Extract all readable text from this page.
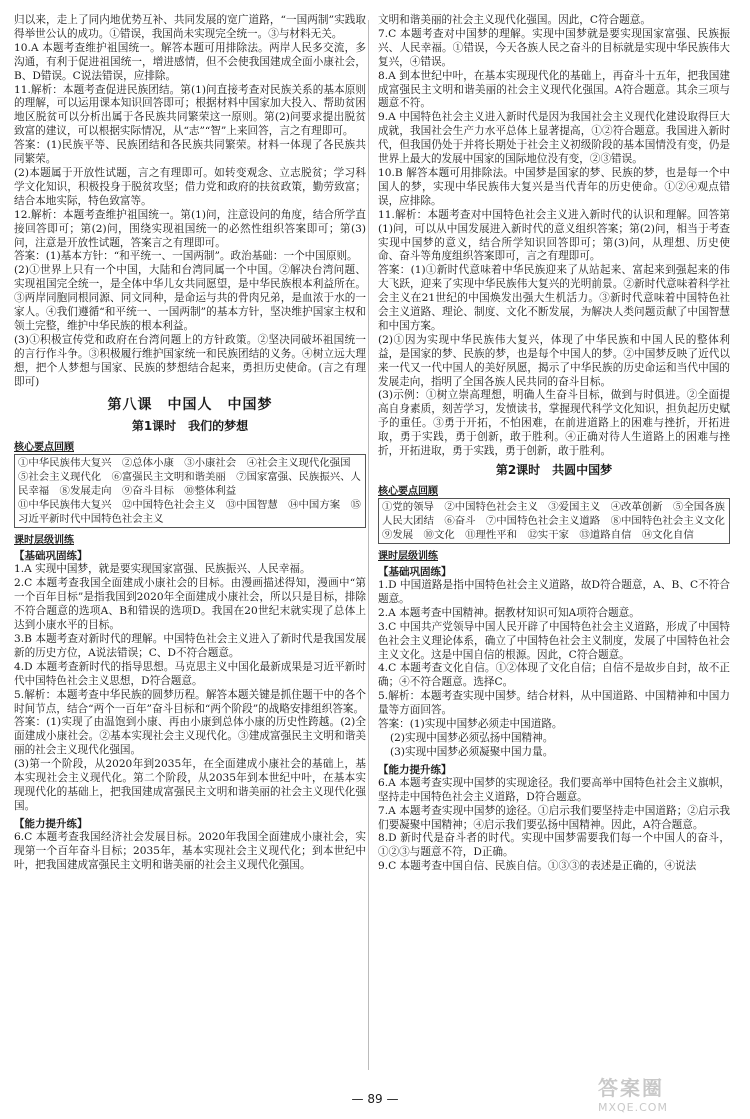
归以来，走上了同内地优势互补、共同发展的宽广道路，“一国两制”实践取得举世公认的成功。①错误，我国尚未实现完全统一。③与材料无关。

10.A 本题考查维护祖国统一。解答本题可用排除法。两岸人民多交流，多沟通，有利于促进祖国统一，增进感情，但不会使我国建成全面小康社会，B、D错误。C说法错误，应排除。

11.解析：本题考查促进民族团结。第(1)问直接考查对民族关系的基本原则的理解，可以运用课本知识回答即可；根据材料中国家加大投入、帮助贫困地区脱贫可以分析出属于各民族共同繁荣这一原则。第(2)问要求提出脱贫致富的建议，可以根据实际情况，从“志”“智”上来回答，言之有理即可。

答案：(1)民族平等、民族团结和各民族共同繁荣。材料一体现了各民族共同繁荣。

(2)本题属于开放性试题，言之有理即可。如转变观念、立志脱贫；学习科学文化知识，积极投身于脱贫攻坚；借力党和政府的扶贫政策，勤劳致富；结合本地实际，特色致富等。

12.解析：本题考查维护祖国统一。第(1)问，注意设问的角度，结合所学直接回答即可；第(2)问，围绕实现祖国统一的必然性组织答案即可；第(3)问，注意是开放性试题，答案言之有理即可。

答案：(1)基本方针：“和平统一、一国两制”。政治基础：一个中国原则。

(2)①世界上只有一个中国，大陆和台湾同属一个中国。②解决台湾问题、实现祖国完全统一，是全体中华儿女共同愿望，是中华民族根本利益所在。③两岸同胞同根同源、同文同种，是命运与共的骨肉兄弟，是血浓于水的一家人。④我们遵循“和平统一、一国两制”的基本方针，坚决维护国家主权和领土完整，维护中华民族的根本利益。

(3)①积极宣传党和政府在台湾问题上的方针政策。②坚决同破坏祖国统一的言行作斗争。③积极履行维护国家统一和民族团结的义务。④树立远大理想，把个人梦想与国家、民族的梦想结合起来，勇担历史使命。(言之有理即可)

第八课　中国人　中国梦
第1课时　我们的梦想
核心要点回顾
①中华民族伟大复兴　②总体小康　③小康社会　④社会主义现代化强国　⑤社会主义现代化　⑥富强民主文明和谐美丽　⑦国家富强、民族振兴、人民幸福　⑧发展走向　⑨奋斗目标　⑩整体利益
⑪中华民族伟大复兴　⑫中国特色社会主义　⑬中国智慧　⑭中国方案　⑮习近平新时代中国特色社会主义
课时层级训练
【基础巩固练】

1.A 实现中国梦，就是要实现国家富强、民族振兴、人民幸福。

2.C 本题考查我国全面建成小康社会的目标。由漫画描述得知，漫画中“第一个百年目标”是指我国到2020年全面建成小康社会，所以只是目标，排除不符合题意的选项A、B和错误的选项D。我国在20世纪末就实现了总体上达到小康水平的目标。

3.B 本题考查对新时代的理解。中国特色社会主义进入了新时代是我国发展新的历史方位，A说法错误；C、D不符合题意。

4.D 本题考查新时代的指导思想。马克思主义中国化最新成果是习近平新时代中国特色社会主义思想，D符合题意。

5.解析：本题考查中华民族的圆梦历程。解答本题关键是抓住题干中的各个时间节点，结合“两个一百年”奋斗目标和“两个阶段”的战略安排组织答案。

答案：(1)实现了由温饱到小康、再由小康到总体小康的历史性跨越。(2)全面建成小康社会。②基本实现社会主义现代化。③建成富强民主文明和谐美丽的社会主义现代化强国。

(3)第一个阶段，从2020年到2035年，在全面建成小康社会的基础上，基本实现社会主义现代化。第二个阶段，从2035年到本世纪中叶，在基本实现现代化的基础上，把我国建成富强民主文明和谐美丽的社会主义现代化强国。

【能力提升练】

6.C 本题考查我国经济社会发展目标。2020年我国全面建成小康社会，实现第一个百年奋斗目标；2035年，基本实现社会主义现代化；到本世纪中叶，把我国建成富强民主文明和谐美丽的社会主义现代化强国。

文明和谐美丽的社会主义现代化强国。因此，C符合题意。

7.C 本题考查对中国梦的理解。实现中国梦就是要实现国家富强、民族振兴、人民幸福。①错误，今天各族人民之奋斗的目标就是实现中华民族伟大复兴，④错误。

8.A 到本世纪中叶，在基本实现现代化的基础上，再奋斗十五年，把我国建成富强民主文明和谐美丽的社会主义现代化强国。A符合题意。其余三项与题意不符。

9.A 中国特色社会主义进入新时代是因为我国社会主义现代化建设取得巨大成就，我国社会生产力水平总体上显著提高，①②符合题意。我国进入新时代，但我国仍处于并将长期处于社会主义初级阶段的基本国情没有变，仍是世界上最大的发展中国家的国际地位没有变，②③错误。

10.B 解答本题可用排除法。中国梦是国家的梦、民族的梦，也是每一个中国人的梦，实现中华民族伟大复兴是当代青年的历史使命。①②④观点错误，应排除。

11.解析：本题考查对中国特色社会主义进入新时代的认识和理解。回答第(1)问，可以从中国发展进入新时代的意义组织答案；第(2)问，相当于考查实现中国梦的意义，结合所学知识回答即可；第(3)问，从理想、历史使命、奋斗等角度组织答案即可，言之有理即可。

答案：(1)①新时代意味着中华民族迎来了从站起来、富起来到强起来的伟大飞跃，迎来了实现中华民族伟大复兴的光明前景。②新时代意味着科学社会主义在21世纪的中国焕发出强大生机活力。③新时代意味着中国特色社会主义道路、理论、制度、文化不断发展，为解决人类问题贡献了中国智慧和中国方案。

(2)①因为实现中华民族伟大复兴，体现了中华民族和中国人民的整体利益，是国家的梦、民族的梦，也是每个中国人的梦。②中国梦反映了近代以来一代又一代中国人的美好夙愿，揭示了中华民族的历史命运和当代中国的发展走向，指明了全国各族人民共同的奋斗目标。

(3)示例：①树立崇高理想，明确人生奋斗目标，做到与时俱进。②全面提高自身素质，刻苦学习，发愤读书，掌握现代科学文化知识，担负起历史赋予的重任。③勇于开拓，不怕困难，在前进道路上的困难与挫折，开拓进取，勇于实践，勇于创新，敢于胜利。④正确对待人生道路上的困难与挫折，开拓进取，勇于实践，勇于创新，敢于胜利。

第2课时　共圆中国梦
核心要点回顾
①党的领导　②中国特色社会主义　③爱国主义　④改革创新　⑤全国各族人民大团结　⑥奋斗　⑦中国特色社会主义道路　⑧中国特色社会主义文化　⑨发展　⑩文化　⑪理性平和　⑫实干家　⑬道路自信　⑭文化自信
课时层级训练
【基础巩固练】

1.D 中国道路是指中国特色社会主义道路，故D符合题意，A、B、C不符合题意。

2.A 本题考查中国精神。据教材知识可知A项符合题意。

3.C 中国共产党领导中国人民开辟了中国特色社会主义道路，形成了中国特色社会主义理论体系，确立了中国特色社会主义制度，发展了中国特色社会主义文化。这是中国自信的根源。因此，C符合题意。

4.C 本题考查文化自信。①②体现了文化自信；自信不是故步自封，故不正确；④不符合题意。选择C。

5.解析：本题考查实现中国梦。结合材料，从中国道路、中国精神和中国力量等方面回答。

答案：(1)实现中国梦必须走中国道路。

(2)实现中国梦必须弘扬中国精神。

(3)实现中国梦必须凝聚中国力量。

【能力提升练】

6.A 本题考查实现中国梦的实现途径。我们要高举中国特色社会主义旗帜，坚持走中国特色社会主义道路，D符合题意。

7.A 本题考查实现中国梦的途径。①启示我们要坚持走中国道路；②启示我们要凝聚中国精神；④启示我们要弘扬中国精神。因此，A符合题意。

8.D 新时代是奋斗者的时代。实现中国梦需要我们每一个中国人的奋斗，①②③与题意不符，D正确。

9.C 本题考查中国自信、民族自信。①③③的表述是正确的，④说法

— 89 —	答案圈
MXQE.COM
